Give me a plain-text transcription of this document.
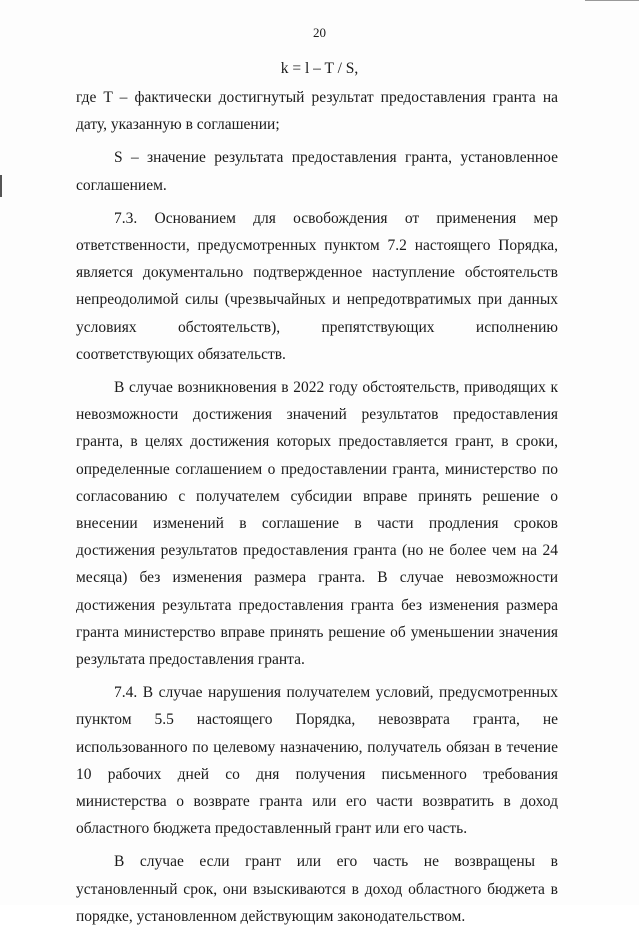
20
k = l – T / S,

где T – фактически достигнутый результат предоставления гранта на дату, указанную в соглашении;

S – значение результата предоставления гранта, установленное соглашением.

7.3. Основанием для освобождения от применения мер ответственности, предусмотренных пунктом 7.2 настоящего Порядка, является документально подтвержденное наступление обстоятельств непреодолимой силы (чрезвычайных и непредотвратимых при данных условиях обстоятельств), препятствующих исполнению соответствующих обязательств.

В случае возникновения в 2022 году обстоятельств, приводящих к невозможности достижения значений результатов предоставления гранта, в целях достижения которых предоставляется грант, в сроки, определенные соглашением о предоставлении гранта, министерство по согласованию с получателем субсидии вправе принять решение о внесении изменений в соглашение в части продления сроков достижения результатов предоставления гранта (но не более чем на 24 месяца) без изменения размера гранта. В случае невозможности достижения результата предоставления гранта без изменения размера гранта министерство вправе принять решение об уменьшении значения результата предоставления гранта.

7.4. В случае нарушения получателем условий, предусмотренных пунктом 5.5 настоящего Порядка, невозврата гранта, не использованного по целевому назначению, получатель обязан в течение 10 рабочих дней со дня получения письменного требования министерства о возврате гранта или его части возвратить в доход областного бюджета предоставленный грант или его часть.

В случае если грант или его часть не возвращены в установленный срок, они взыскиваются в доход областного бюджета в порядке, установленном действующим законодательством.
